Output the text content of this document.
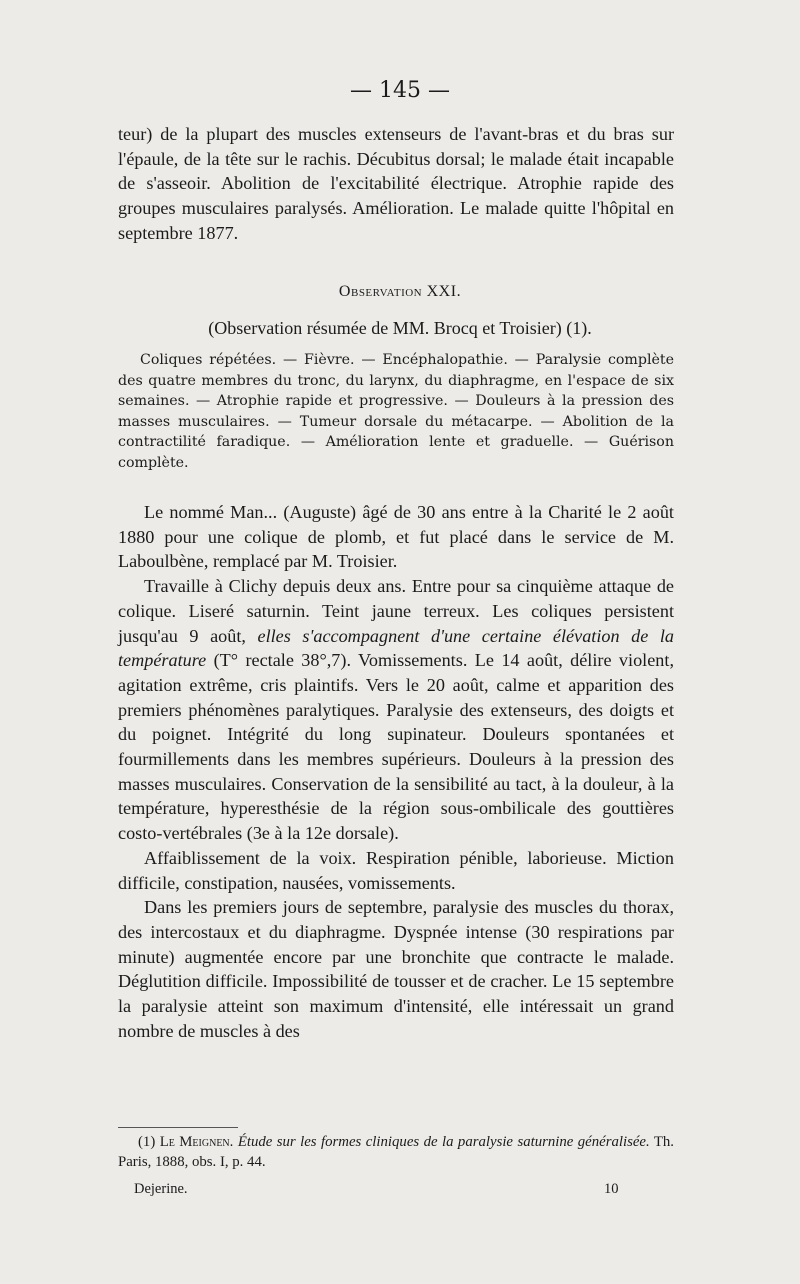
— 145 —

teur) de la plupart des muscles extenseurs de l'avant-bras et du bras sur l'épaule, de la tête sur le rachis. Décubitus dorsal; le malade était incapable de s'asseoir. Abolition de l'excitabilité électrique. Atrophie rapide des groupes musculaires paralysés. Amélioration. Le malade quitte l'hôpital en septembre 1877.

Observation XXI.
(Observation résumée de MM. Brocq et Troisier) (1).
Coliques répétées. — Fièvre. — Encéphalopathie. — Paralysie complète des quatre membres du tronc, du larynx, du diaphragme, en l'espace de six semaines. — Atrophie rapide et progressive. — Douleurs à la pression des masses musculaires. — Tumeur dorsale du métacarpe. — Abolition de la contractilité faradique. — Amélioration lente et graduelle. — Guérison complète.

Le nommé Man... (Auguste) âgé de 30 ans entre à la Charité le 2 août 1880 pour une colique de plomb, et fut placé dans le service de M. Laboulbène, remplacé par M. Troisier.

Travaille à Clichy depuis deux ans. Entre pour sa cinquième attaque de colique. Liseré saturnin. Teint jaune terreux. Les coliques persistent jusqu'au 9 août, elles s'accompagnent d'une certaine élévation de la température (T° rectale 38°,7). Vomissements. Le 14 août, délire violent, agitation extrême, cris plaintifs. Vers le 20 août, calme et apparition des premiers phénomènes paralytiques. Paralysie des extenseurs, des doigts et du poignet. Intégrité du long supinateur. Douleurs spontanées et fourmillements dans les membres supérieurs. Douleurs à la pression des masses musculaires. Conservation de la sensibilité au tact, à la douleur, à la température, hyperesthésie de la région sous-ombilicale des gouttières costo-vertébrales (3e à la 12e dorsale).

Affaiblissement de la voix. Respiration pénible, laborieuse. Miction difficile, constipation, nausées, vomissements.

Dans les premiers jours de septembre, paralysie des muscles du thorax, des intercostaux et du diaphragme. Dyspnée intense (30 respirations par minute) augmentée encore par une bronchite que contracte le malade. Déglutition difficile. Impossibilité de tousser et de cracher. Le 15 septembre la paralysie atteint son maximum d'intensité, elle intéressait un grand nombre de muscles à des

(1) Le Meignen. Étude sur les formes cliniques de la paralysie saturnine généralisée. Th. Paris, 1888, obs. I, p. 44.
Dejerine.	10
